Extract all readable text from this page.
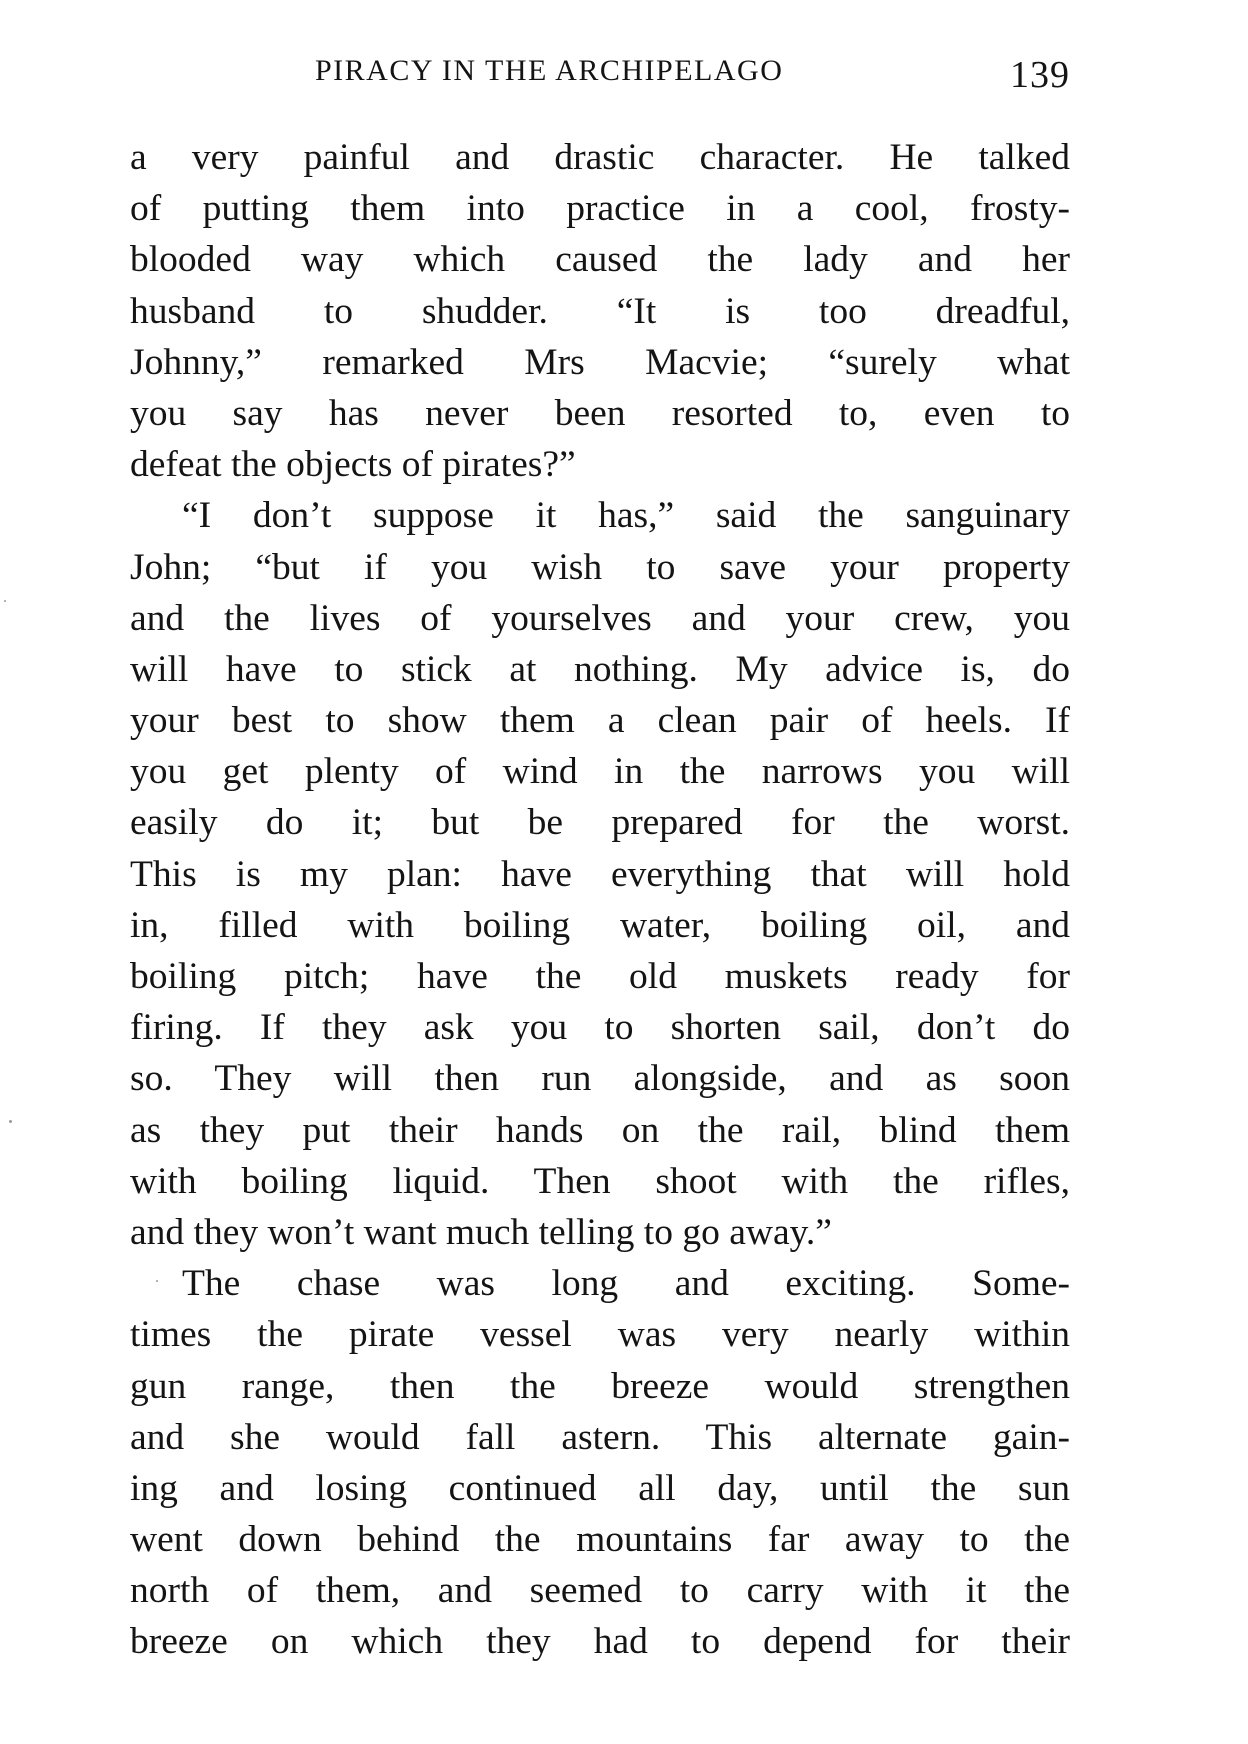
PIRACY IN THE ARCHIPELAGO	139
a very painful and drastic character. He talked
of putting them into practice in a cool, frosty-
blooded way which caused the lady and her
husband to shudder. “It is too dreadful,
Johnny,” remarked Mrs Macvie; “surely what
you say has never been resorted to, even to
defeat the objects of pirates?”
“I don’t suppose it has,” said the sanguinary
John; “but if you wish to save your property
and the lives of yourselves and your crew, you
will have to stick at nothing. My advice is, do
your best to show them a clean pair of heels. If
you get plenty of wind in the narrows you will
easily do it; but be prepared for the worst.
This is my plan: have everything that will hold
in, filled with boiling water, boiling oil, and
boiling pitch; have the old muskets ready for
firing. If they ask you to shorten sail, don’t do
so. They will then run alongside, and as soon
as they put their hands on the rail, blind them
with boiling liquid. Then shoot with the rifles,
and they won’t want much telling to go away.”
The chase was long and exciting. Some-
times the pirate vessel was very nearly within
gun range, then the breeze would strengthen
and she would fall astern. This alternate gain-
ing and losing continued all day, until the sun
went down behind the mountains far away to the
north of them, and seemed to carry with it the
breeze on which they had to depend for their
